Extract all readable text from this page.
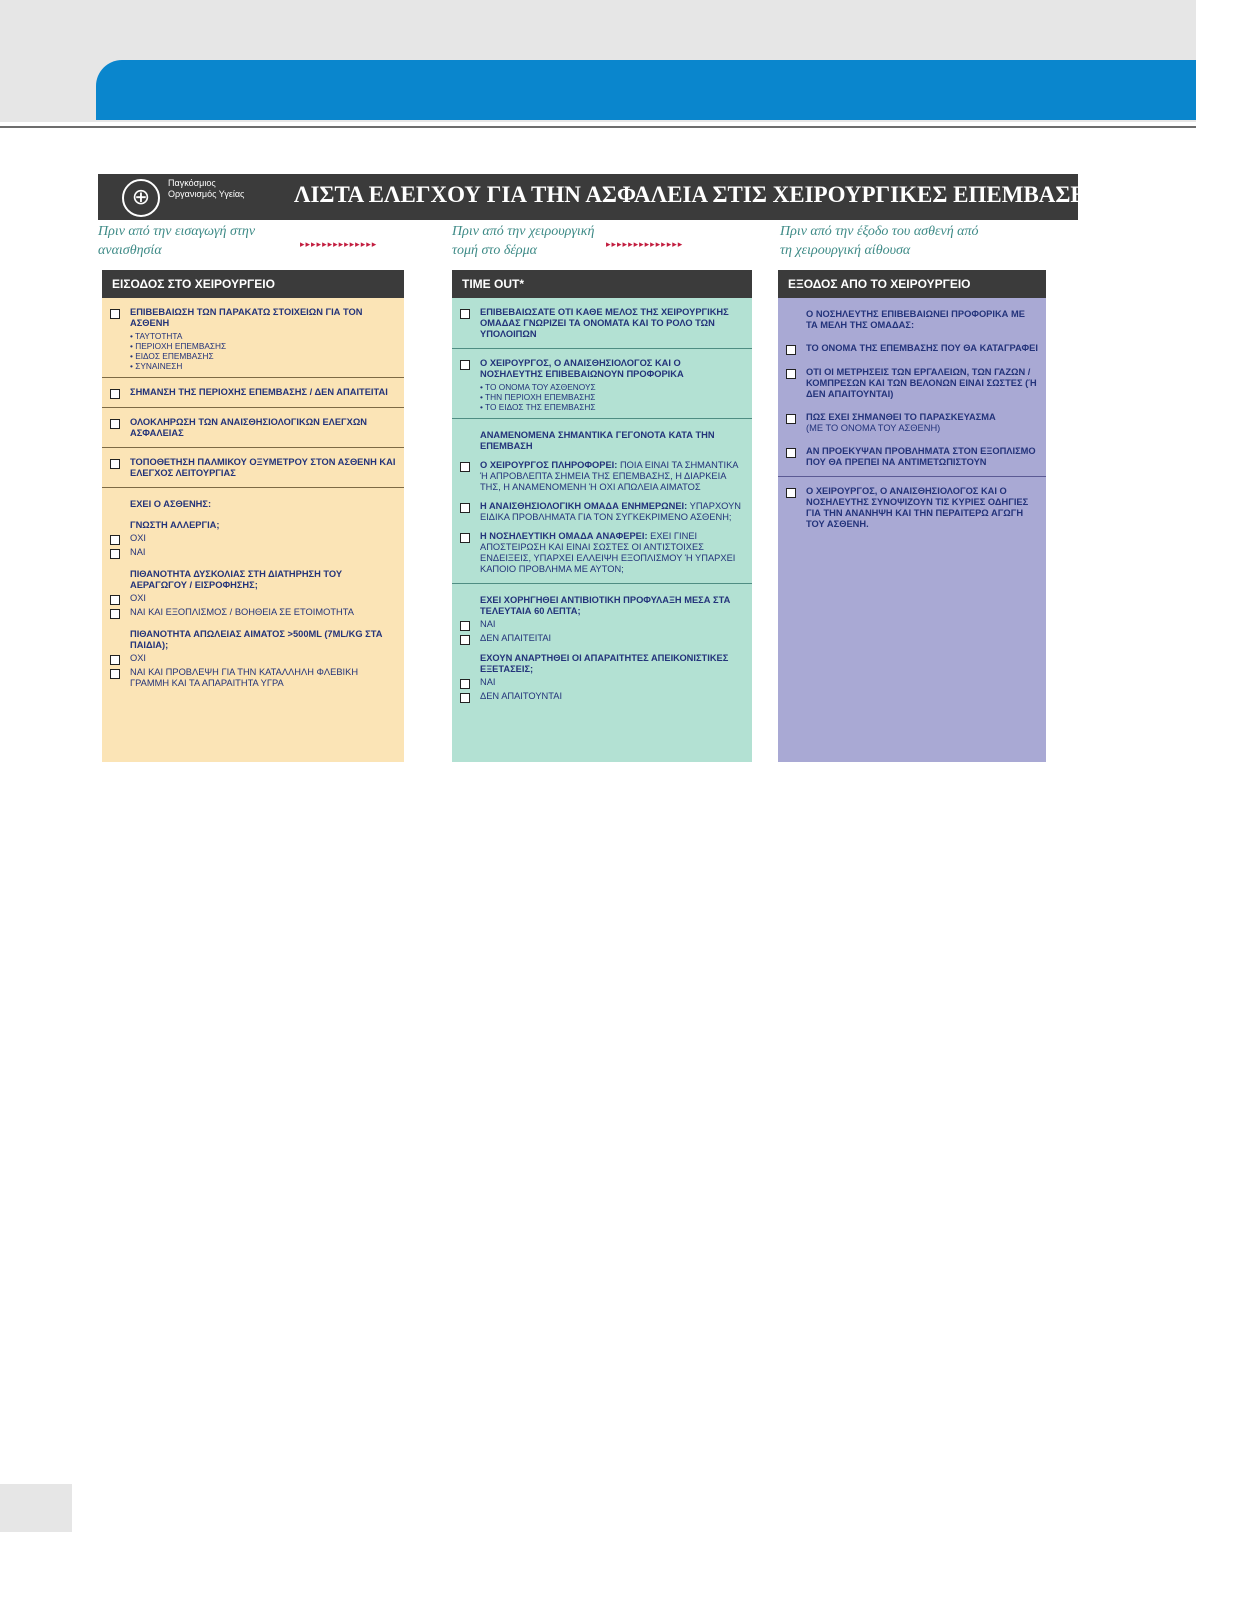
⊕
Παγκόσμιος Οργανισμός Υγείας ΛΙΣΤΑ ΕΛΕΓΧΟΥ ΓΙΑ ΤΗΝ ΑΣΦΑΛΕΙΑ ΣΤΙΣ ΧΕΙΡΟΥΡΓΙΚΕΣ ΕΠΕΜΒΑΣΕΙΣ (ΠΡΩΤΗ ΕΚΔΟΣΗ)
Πριν από την εισαγωγή στην αναισθησία	▸▸▸▸▸▸▸▸▸▸▸▸▸▸
Πριν από την χειρουργική τομή στο δέρμα	▸▸▸▸▸▸▸▸▸▸▸▸▸▸
Πριν από την έξοδο του ασθενή από τη χειρουργική αίθουσα
ΕΙΣΟΔΟΣ ΣΤΟ ΧΕΙΡΟΥΡΓΕΙΟ
ΕΠΙΒΕΒΑΙΩΣΗ ΤΩΝ ΠΑΡΑΚΑΤΩ ΣΤΟΙΧΕΙΩΝ ΓΙΑ ΤΟΝ ΑΣΘΕΝΗ
• ΤΑΥΤΟΤΗΤΑ
• ΠΕΡΙΟΧΗ ΕΠΕΜΒΑΣΗΣ
• ΕΙΔΟΣ ΕΠΕΜΒΑΣΗΣ
• ΣΥΝΑΙΝΕΣΗ
ΣΗΜΑΝΣΗ ΤΗΣ ΠΕΡΙΟΧΗΣ ΕΠΕΜΒΑΣΗΣ / ΔΕΝ ΑΠΑΙΤΕΙΤΑΙ
ΟΛΟΚΛΗΡΩΣΗ ΤΩΝ ΑΝΑΙΣΘΗΣΙΟΛΟΓΙΚΩΝ ΕΛΕΓΧΩΝ ΑΣΦΑΛΕΙΑΣ
ΤΟΠΟΘΕΤΗΣΗ ΠΑΛΜΙΚΟΥ ΟΞΥΜΕΤΡΟΥ ΣΤΟΝ ΑΣΘΕΝΗ ΚΑΙ ΕΛΕΓΧΟΣ ΛΕΙΤΟΥΡΓΙΑΣ
ΕΧΕΙ Ο ΑΣΘΕΝΗΣ:
ΓΝΩΣΤΗ ΑΛΛΕΡΓΙΑ;
ΟΧΙ
ΝΑΙ
ΠΙΘΑΝΟΤΗΤΑ ΔΥΣΚΟΛΙΑΣ ΣΤΗ ΔΙΑΤΗΡΗΣΗ ΤΟΥ ΑΕΡΑΓΩΓΟΥ / ΕΙΣΡΟΦΗΣΗΣ;
ΟΧΙ
ΝΑΙ ΚΑΙ ΕΞΟΠΛΙΣΜΟΣ / ΒΟΗΘΕΙΑ ΣΕ ΕΤΟΙΜΟΤΗΤΑ
ΠΙΘΑΝΟΤΗΤΑ ΑΠΩΛΕΙΑΣ ΑΙΜΑΤΟΣ >500ML (7ML/KG ΣΤΑ ΠΑΙΔΙΑ);
ΟΧΙ
ΝΑΙ ΚΑΙ ΠΡΟΒΛΕΨΗ ΓΙΑ ΤΗΝ ΚΑΤΑΛΛΗΛΗ ΦΛΕΒΙΚΗ ΓΡΑΜΜΗ ΚΑΙ ΤΑ ΑΠΑΡΑΙΤΗΤΑ ΥΓΡΑ
TIME OUT*
ΕΠΙΒΕΒΑΙΩΣΑΤΕ ΟΤΙ ΚΑΘΕ ΜΕΛΟΣ ΤΗΣ ΧΕΙΡΟΥΡΓΙΚΗΣ ΟΜΑΔΑΣ ΓΝΩΡΙΖΕΙ ΤΑ ΟΝΟΜΑΤΑ ΚΑΙ ΤΟ ΡΟΛΟ ΤΩΝ ΥΠΟΛΟΙΠΩΝ
Ο ΧΕΙΡΟΥΡΓΟΣ, Ο ΑΝΑΙΣΘΗΣΙΟΛΟΓΟΣ ΚΑΙ Ο ΝΟΣΗΛΕΥΤΗΣ ΕΠΙΒΕΒΑΙΩΝΟΥΝ ΠΡΟΦΟΡΙΚΑ
• ΤΟ ΟΝΟΜΑ ΤΟΥ ΑΣΘΕΝΟΥΣ
• ΤΗΝ ΠΕΡΙΟΧΗ ΕΠΕΜΒΑΣΗΣ
• ΤΟ ΕΙΔΟΣ ΤΗΣ ΕΠΕΜΒΑΣΗΣ
ΑΝΑΜΕΝΟΜΕΝΑ ΣΗΜΑΝΤΙΚΑ ΓΕΓΟΝΟΤΑ ΚΑΤΑ ΤΗΝ ΕΠΕΜΒΑΣΗ
Ο ΧΕΙΡΟΥΡΓΟΣ ΠΛΗΡΟΦΟΡΕΙ: ΠΟΙΑ ΕΙΝΑΙ ΤΑ ΣΗΜΑΝΤΙΚΑ Ή ΑΠΡΟΒΛΕΠΤΑ ΣΗΜΕΙΑ ΤΗΣ ΕΠΕΜΒΑΣΗΣ, Η ΔΙΑΡΚΕΙΑ ΤΗΣ, Η ΑΝΑΜΕΝΟΜΕΝΗ Ή ΟΧΙ ΑΠΩΛΕΙΑ ΑΙΜΑΤΟΣ
Η ΑΝΑΙΣΘΗΣΙΟΛΟΓΙΚΗ ΟΜΑΔΑ ΕΝΗΜΕΡΩΝΕΙ: ΥΠΑΡΧΟΥΝ ΕΙΔΙΚΑ ΠΡΟΒΛΗΜΑΤΑ ΓΙΑ ΤΟΝ ΣΥΓΚΕΚΡΙΜΕΝΟ ΑΣΘΕΝΗ;
Η ΝΟΣΗΛΕΥΤΙΚΗ ΟΜΑΔΑ ΑΝΑΦΕΡΕΙ: ΕΧΕΙ ΓΙΝΕΙ ΑΠΟΣΤΕΙΡΩΣΗ ΚΑΙ ΕΙΝΑΙ ΣΩΣΤΕΣ ΟΙ ΑΝΤΙΣΤΟΙΧΕΣ ΕΝΔΕΙΞΕΙΣ, ΥΠΑΡΧΕΙ ΕΛΛΕΙΨΗ ΕΞΟΠΛΙΣΜΟΥ Ή ΥΠΑΡΧΕΙ ΚΑΠΟΙΟ ΠΡΟΒΛΗΜΑ ΜΕ ΑΥΤΟΝ;
ΕΧΕΙ ΧΟΡΗΓΗΘΕΙ ΑΝΤΙΒΙΟΤΙΚΗ ΠΡΟΦΥΛΑΞΗ ΜΕΣΑ ΣΤΑ ΤΕΛΕΥΤΑΙΑ 60 ΛΕΠΤΑ;
ΝΑΙ
ΔΕΝ ΑΠΑΙΤΕΙΤΑΙ
ΕΧΟΥΝ ΑΝΑΡΤΗΘΕΙ ΟΙ ΑΠΑΡΑΙΤΗΤΕΣ ΑΠΕΙΚΟΝΙΣΤΙΚΕΣ ΕΞΕΤΑΣΕΙΣ;
ΝΑΙ
ΔΕΝ ΑΠΑΙΤΟΥΝΤΑΙ
ΕΞΟΔΟΣ ΑΠΟ ΤΟ ΧΕΙΡΟΥΡΓΕΙΟ
Ο ΝΟΣΗΛΕΥΤΗΣ ΕΠΙΒΕΒΑΙΩΝΕΙ ΠΡΟΦΟΡΙΚΑ ΜΕ ΤΑ ΜΕΛΗ ΤΗΣ ΟΜΑΔΑΣ:
ΤΟ ΟΝΟΜΑ ΤΗΣ ΕΠΕΜΒΑΣΗΣ ΠΟΥ ΘΑ ΚΑΤΑΓΡΑΦΕΙ
ΟΤΙ ΟΙ ΜΕΤΡΗΣΕΙΣ ΤΩΝ ΕΡΓΑΛΕΙΩΝ, ΤΩΝ ΓΑΖΩΝ / ΚΟΜΠΡΕΣΩΝ ΚΑΙ ΤΩΝ ΒΕΛΟΝΩΝ ΕΙΝΑΙ ΣΩΣΤΕΣ (Ή ΔΕΝ ΑΠΑΙΤΟΥΝΤΑΙ)
ΠΩΣ ΕΧΕΙ ΣΗΜΑΝΘΕΙ ΤΟ ΠΑΡΑΣΚΕΥΑΣΜΑ
(ΜΕ ΤΟ ΟΝΟΜΑ ΤΟΥ ΑΣΘΕΝΗ)
ΑΝ ΠΡΟΕΚΥΨΑΝ ΠΡΟΒΛΗΜΑΤΑ ΣΤΟΝ ΕΞΟΠΛΙΣΜΟ ΠΟΥ ΘΑ ΠΡΕΠΕΙ ΝΑ ΑΝΤΙΜΕΤΩΠΙΣΤΟΥΝ
Ο ΧΕΙΡΟΥΡΓΟΣ, Ο ΑΝΑΙΣΘΗΣΙΟΛΟΓΟΣ ΚΑΙ Ο ΝΟΣΗΛΕΥΤΗΣ ΣΥΝΟΨΙΖΟΥΝ ΤΙΣ ΚΥΡΙΕΣ ΟΔΗΓΙΕΣ ΓΙΑ ΤΗΝ ΑΝΑΝΗΨΗ ΚΑΙ ΤΗΝ ΠΕΡΑΙΤΕΡΩ ΑΓΩΓΗ ΤΟΥ ΑΣΘΕΝΗ.
